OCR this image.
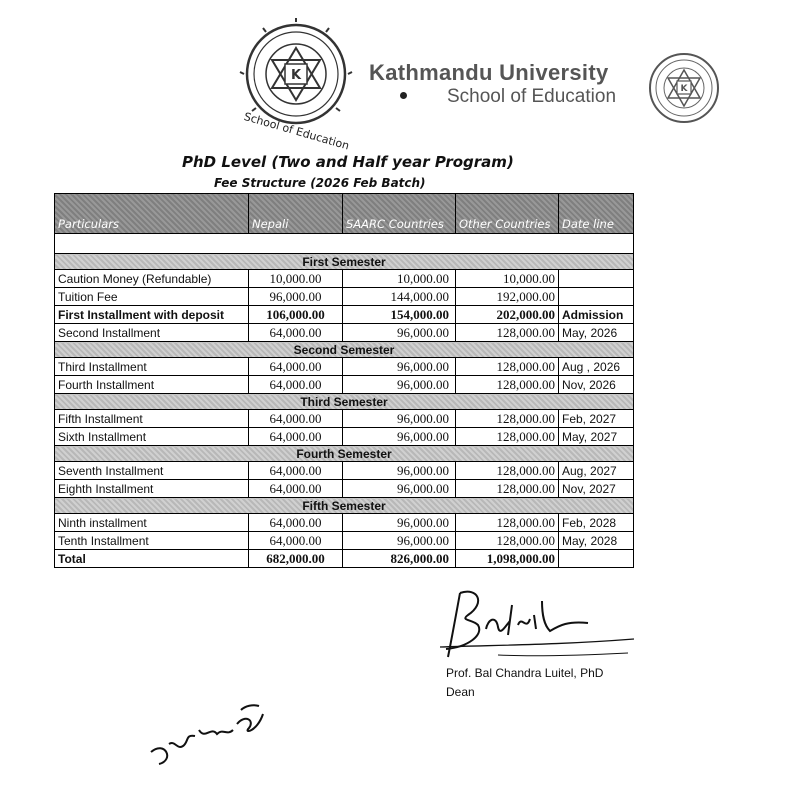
K
School of Education
Kathmandu University
School of Education	K
PhD Level (Two and Half year Program)
Fee Structure (2026 Feb Batch)
Particulars	Nepali	SAARC Countries	Other Countries	Date line

First Semester				
Caution Money (Refundable)	10,000.00	10,000.00	10,000.00	
Tuition Fee	96,000.00	144,000.00	192,000.00	
First Installment with deposit	106,000.00	154,000.00	202,000.00	Admission
Second Installment	64,000.00	96,000.00	128,000.00	May, 2026
Second Semester				
Third Installment	64,000.00	96,000.00	128,000.00	Aug , 2026
Fourth Installment	64,000.00	96,000.00	128,000.00	Nov, 2026
Third Semester				
Fifth Installment	64,000.00	96,000.00	128,000.00	Feb, 2027
Sixth Installment	64,000.00	96,000.00	128,000.00	May, 2027
Fourth Semester				
Seventh Installment	64,000.00	96,000.00	128,000.00	Aug, 2027
Eighth Installment	64,000.00	96,000.00	128,000.00	Nov, 2027
Fifth Semester				
Ninth installment	64,000.00	96,000.00	128,000.00	Feb, 2028
Tenth Installment	64,000.00	96,000.00	128,000.00	May, 2028
Total	682,000.00	826,000.00	1,098,000.00	
Prof. Bal Chandra Luitel, PhD
Dean
